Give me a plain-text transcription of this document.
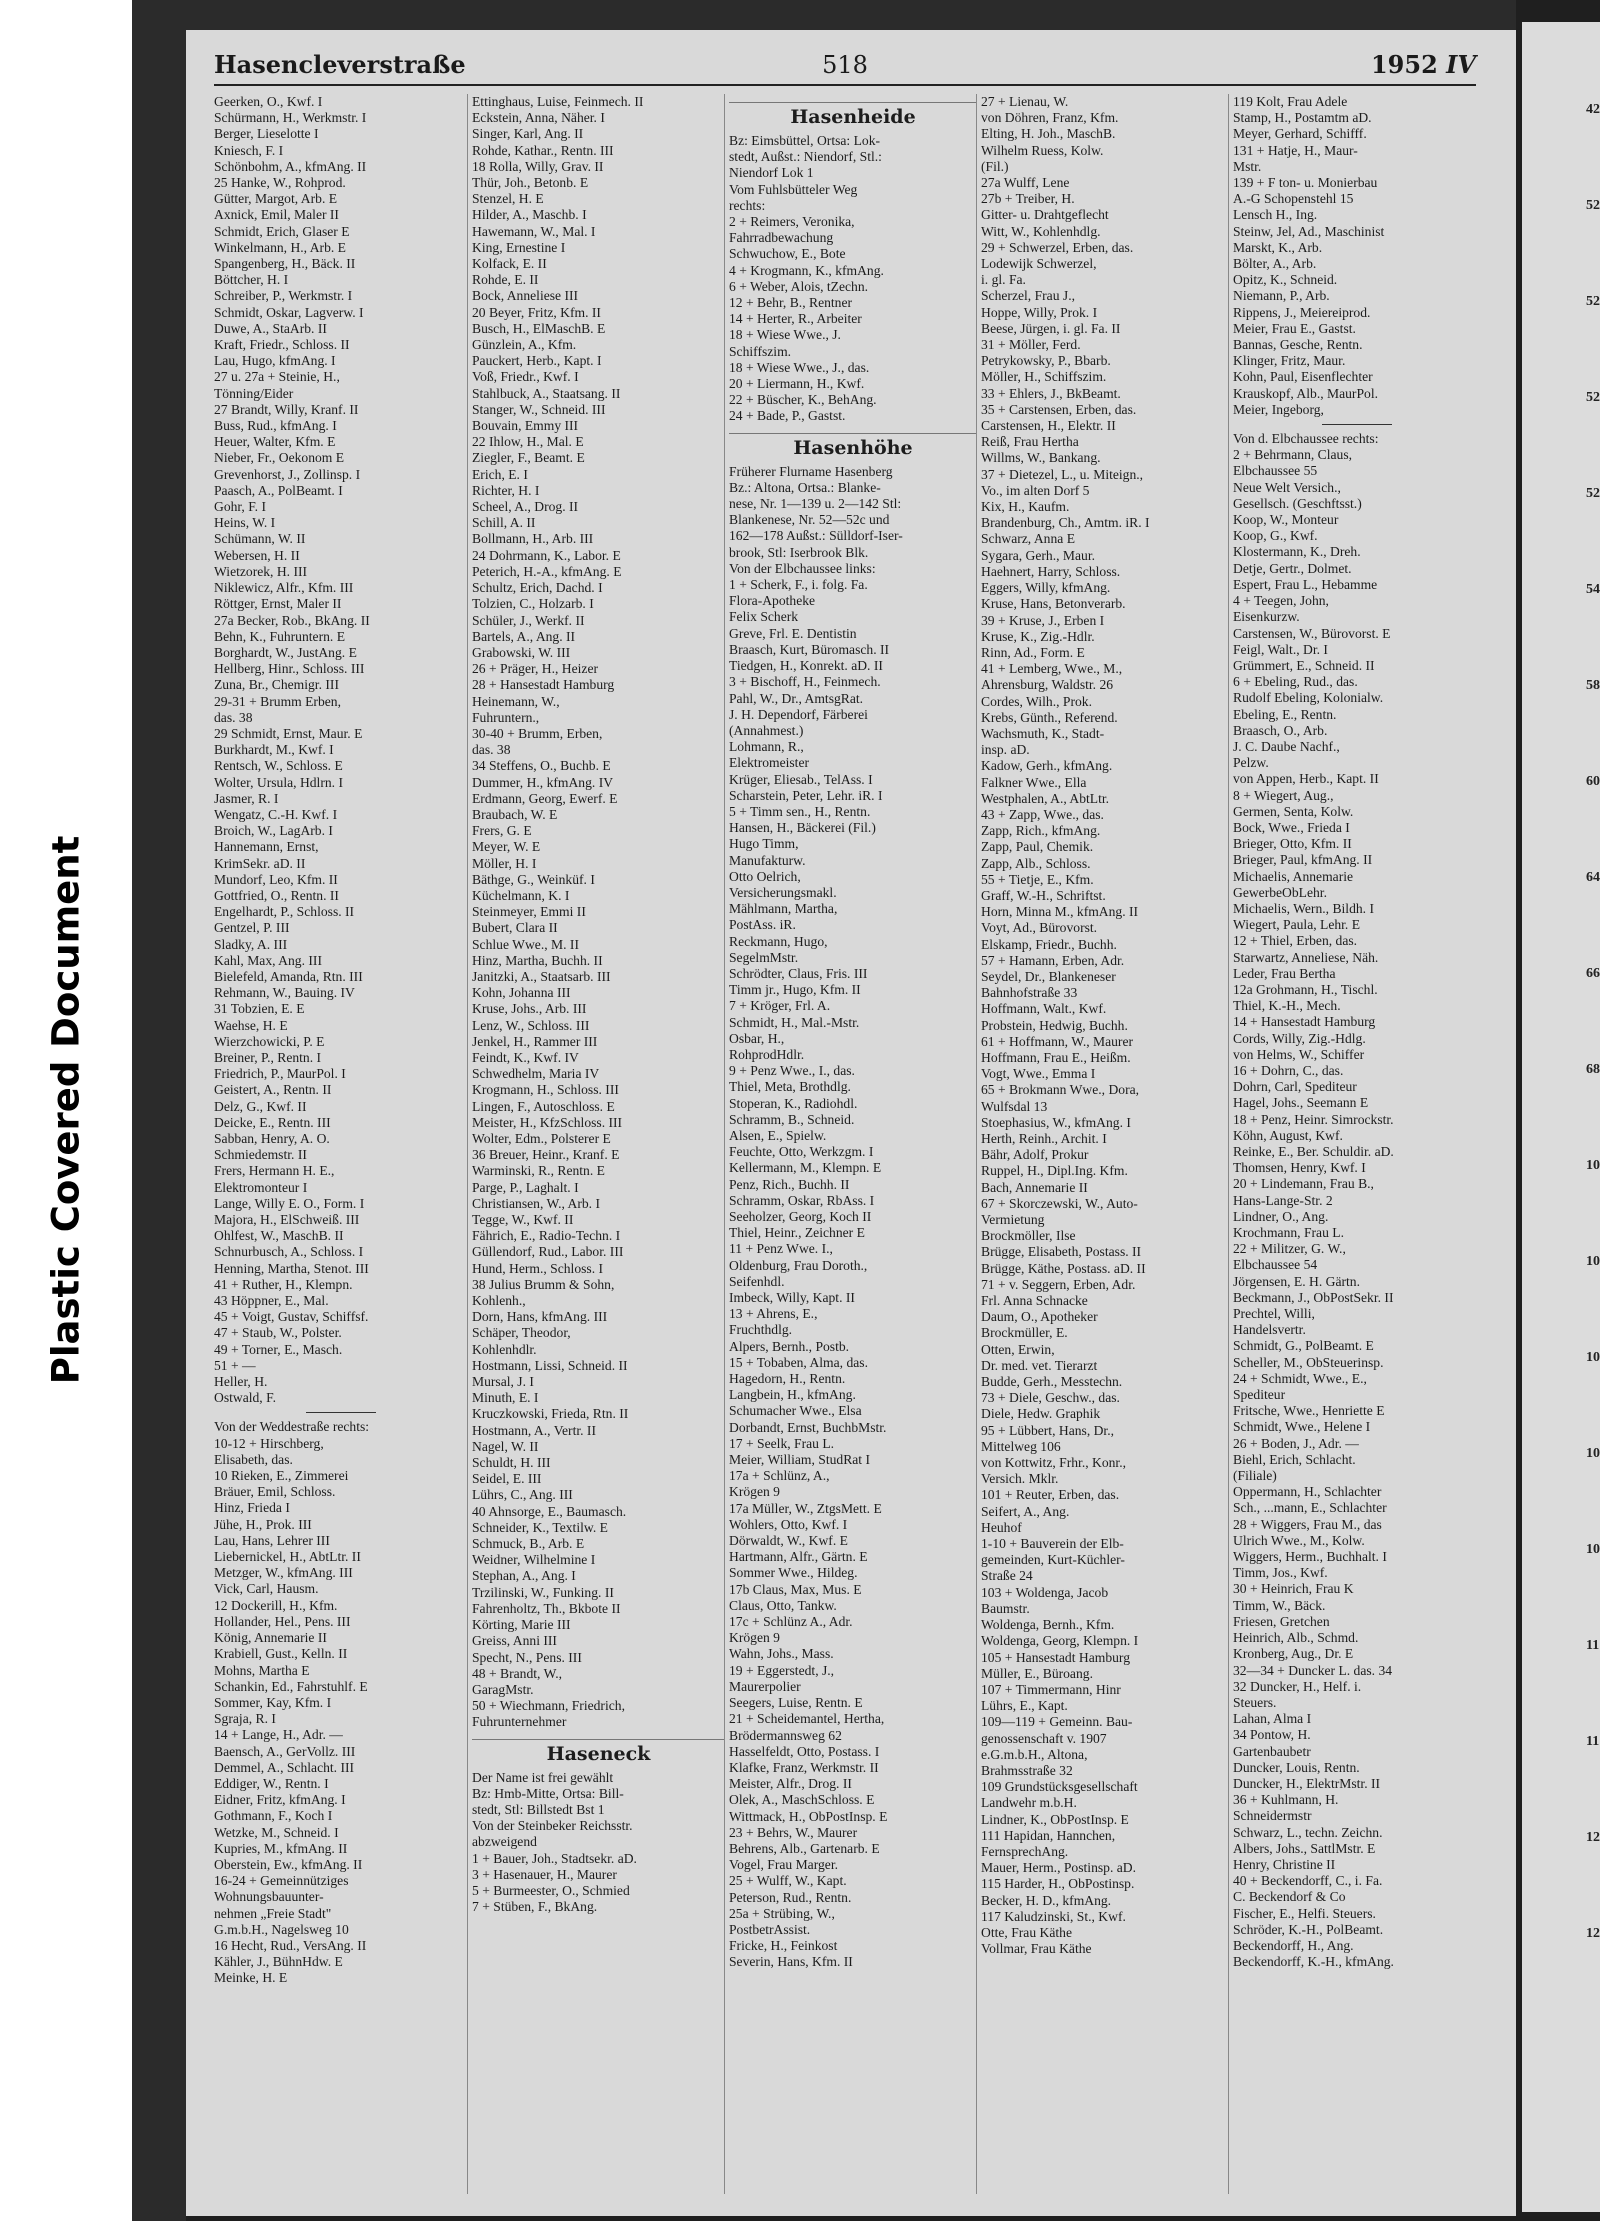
Plastic Covered Document
42
52
52
52
52
54
58
60
64
66
68
10
10
10
10
10
11
11
12
12
Hasencleverstraße	518	1952 IV
Geerken, O., Kwf. I
Schürmann, H., Werkmstr. I
Berger, Lieselotte I
Kniesch, F. I
Schönbohm, A., kfmAng. II
25 Hanke, W., Rohprod.
Gütter, Margot, Arb. E
Axnick, Emil, Maler II
Schmidt, Erich, Glaser E
Winkelmann, H., Arb. E
Spangenberg, H., Bäck. II
Böttcher, H. I
Schreiber, P., Werkmstr. I
Schmidt, Oskar, Lagverw. I
Duwe, A., StaArb. II
Kraft, Friedr., Schloss. II
Lau, Hugo, kfmAng. I
27 u. 27a + Steinie, H.,
Tönning/Eider
27 Brandt, Willy, Kranf. II
Buss, Rud., kfmAng. I
Heuer, Walter, Kfm. E
Nieber, Fr., Oekonom E
Grevenhorst, J., Zollinsp. I
Paasch, A., PolBeamt. I
Gohr, F. I
Heins, W. I
Schümann, W. II
Webersen, H. II
Wietzorek, H. III
Niklewicz, Alfr., Kfm. III
Röttger, Ernst, Maler II
27a Becker, Rob., BkAng. II
Behn, K., Fuhruntern. E
Borghardt, W., JustAng. E
Hellberg, Hinr., Schloss. III
Zuna, Br., Chemigr. III
29-31 + Brumm Erben,
das. 38
29 Schmidt, Ernst, Maur. E
Burkhardt, M., Kwf. I
Rentsch, W., Schloss. E
Wolter, Ursula, Hdlrn. I
Jasmer, R. I
Wengatz, C.-H. Kwf. I
Broich, W., LagArb. I
Hannemann, Ernst,
KrimSekr. aD. II
Mundorf, Leo, Kfm. II
Gottfried, O., Rentn. II
Engelhardt, P., Schloss. II
Gentzel, P. III
Sladky, A. III
Kahl, Max, Ang. III
Bielefeld, Amanda, Rtn. III
Rehmann, W., Bauing. IV
31 Tobzien, E. E
Waehse, H. E
Wierzchowicki, P. E
Breiner, P., Rentn. I
Friedrich, P., MaurPol. I
Geistert, A., Rentn. II
Delz, G., Kwf. II
Deicke, E., Rentn. III
Sabban, Henry, A. O.
Schmiedemstr. II
Frers, Hermann H. E.,
Elektromonteur I
Lange, Willy E. O., Form. I
Majora, H., ElSchweiß. III
Ohlfest, W., MaschB. II
Schnurbusch, A., Schloss. I
Henning, Martha, Stenot. III
41 + Ruther, H., Klempn.
43 Höppner, E., Mal.
45 + Voigt, Gustav, Schiffsf.
47 + Staub, W., Polster.
49 + Torner, E., Masch.
51 + —
Heller, H.
Ostwald, F.
Von der Weddestraße rechts:
10-12 + Hirschberg,
Elisabeth, das.
10 Rieken, E., Zimmerei
Bräuer, Emil, Schloss.
Hinz, Frieda I
Jühe, H., Prok. III
Lau, Hans, Lehrer III
Liebernickel, H., AbtLtr. II
Metzger, W., kfmAng. III
Vick, Carl, Hausm.
12 Dockerill, H., Kfm.
Hollander, Hel., Pens. III
König, Annemarie II
Krabiell, Gust., Kelln. II
Mohns, Martha E
Schankin, Ed., Fahrstuhlf. E
Sommer, Kay, Kfm. I
Sgraja, R. I
14 + Lange, H., Adr. —
Baensch, A., GerVollz. III
Demmel, A., Schlacht. III
Eddiger, W., Rentn. I
Eidner, Fritz, kfmAng. I
Gothmann, F., Koch I
Wetzke, M., Schneid. I
Kupries, M., kfmAng. II
Oberstein, Ew., kfmAng. II
16-24 + Gemeinnütziges
Wohnungsbauunter-
nehmen „Freie Stadt"
G.m.b.H., Nagelsweg 10
16 Hecht, Rud., VersAng. II
Kähler, J., BühnHdw. E
Meinke, H. E
Ettinghaus, Luise, Feinmech. II
Eckstein, Anna, Näher. I
Singer, Karl, Ang. II
Rohde, Kathar., Rentn. III
18 Rolla, Willy, Grav. II
Thür, Joh., Betonb. E
Stenzel, H. E
Hilder, A., Maschb. I
Hawemann, W., Mal. I
King, Ernestine I
Kolfack, E. II
Rohde, E. II
Bock, Anneliese III
20 Beyer, Fritz, Kfm. II
Busch, H., ElMaschB. E
Günzlein, A., Kfm.
Pauckert, Herb., Kapt. I
Voß, Friedr., Kwf. I
Stahlbuck, A., Staatsang. II
Stanger, W., Schneid. III
Bouvain, Emmy III
22 Ihlow, H., Mal. E
Ziegler, F., Beamt. E
Erich, E. I
Richter, H. I
Scheel, A., Drog. II
Schill, A. II
Bollmann, H., Arb. III
24 Dohrmann, K., Labor. E
Peterich, H.-A., kfmAng. E
Schultz, Erich, Dachd. I
Tolzien, C., Holzarb. I
Schüler, J., Werkf. II
Bartels, A., Ang. II
Grabowski, W. III
26 + Präger, H., Heizer
28 + Hansestadt Hamburg
Heinemann, W.,
Fuhruntern.,
30-40 + Brumm, Erben,
das. 38
34 Steffens, O., Buchb. E
Dummer, H., kfmAng. IV
Erdmann, Georg, Ewerf. E
Braubach, W. E
Frers, G. E
Meyer, W. E
Möller, H. I
Bäthge, G., Weinküf. I
Küchelmann, K. I
Steinmeyer, Emmi II
Bubert, Clara II
Schlue Wwe., M. II
Hinz, Martha, Buchh. II
Janitzki, A., Staatsarb. III
Kohn, Johanna III
Kruse, Johs., Arb. III
Lenz, W., Schloss. III
Jenkel, H., Rammer III
Feindt, K., Kwf. IV
Schwedhelm, Maria IV
Krogmann, H., Schloss. III
Lingen, F., Autoschloss. E
Meister, H., KfzSchloss. III
Wolter, Edm., Polsterer E
36 Breuer, Heinr., Kranf. E
Warminski, R., Rentn. E
Parge, P., Laghalt. I
Christiansen, W., Arb. I
Tegge, W., Kwf. II
Fährich, E., Radio-Techn. I
Güllendorf, Rud., Labor. III
Hund, Herm., Schloss. I
38 Julius Brumm & Sohn,
Kohlenh.,
Dorn, Hans, kfmAng. III
Schäper, Theodor,
Kohlenhdlr.
Hostmann, Lissi, Schneid. II
Mursal, J. I
Minuth, E. I
Kruczkowski, Frieda, Rtn. II
Hostmann, A., Vertr. II
Nagel, W. II
Schuldt, H. III
Seidel, E. III
Lührs, C., Ang. III
40 Ahnsorge, E., Baumasch.
Schneider, K., Textilw. E
Schmuck, B., Arb. E
Weidner, Wilhelmine I
Stephan, A., Ang. I
Trzilinski, W., Funking. II
Fahrenholtz, Th., Bkbote II
Körting, Marie III
Greiss, Anni III
Specht, N., Pens. III
48 + Brandt, W.,
GaragMstr.
50 + Wiechmann, Friedrich,
Fuhrunternehmer
Haseneck
Der Name ist frei gewählt
Bz: Hmb-Mitte, Ortsa: Bill-
stedt, Stl: Billstedt Bst 1
Von der Steinbeker Reichsstr.
abzweigend
1 + Bauer, Joh., Stadtsekr. aD.
3 + Hasenauer, H., Maurer
5 + Burmeester, O., Schmied
7 + Stüben, F., BkAng.
Hasenheide
Bz: Eimsbüttel, Ortsa: Lok-
stedt, Außst.: Niendorf, Stl.:
Niendorf Lok 1
Vom Fuhlsbütteler Weg
rechts:
2 + Reimers, Veronika,
Fahrradbewachung
Schwuchow, E., Bote
4 + Krogmann, K., kfmAng.
6 + Weber, Alois, tZechn.
12 + Behr, B., Rentner
14 + Herter, R., Arbeiter
18 + Wiese Wwe., J.
Schiffszim.
18 + Wiese Wwe., J., das.
20 + Liermann, H., Kwf.
22 + Büscher, K., BehAng.
24 + Bade, P., Gastst.
Hasenhöhe
Früherer Flurname Hasenberg
Bz.: Altona, Ortsa.: Blanke-
nese, Nr. 1—139 u. 2—142 Stl:
Blankenese, Nr. 52—52c und
162—178 Außst.: Sülldorf-Iser-
brook, Stl: Iserbrook Blk.
Von der Elbchaussee links:
1 + Scherk, F., i. folg. Fa.
Flora-Apotheke
Felix Scherk
Greve, Frl. E. Dentistin
Braasch, Kurt, Büromasch. II
Tiedgen, H., Konrekt. aD. II
3 + Bischoff, H., Feinmech.
Pahl, W., Dr., AmtsgRat.
J. H. Dependorf, Färberei
(Annahmest.)
Lohmann, R.,
Elektromeister
Krüger, Eliesab., TelAss. I
Scharstein, Peter, Lehr. iR. I
5 + Timm sen., H., Rentn.
Hansen, H., Bäckerei (Fil.)
Hugo Timm,
Manufakturw.
Otto Oelrich,
Versicherungsmakl.
Mählmann, Martha,
PostAss. iR.
Reckmann, Hugo,
SegelmMstr.
Schrödter, Claus, Fris. III
Timm jr., Hugo, Kfm. II
7 + Kröger, Frl. A.
Schmidt, H., Mal.-Mstr.
Osbar, H.,
RohprodHdlr.
9 + Penz Wwe., I., das.
Thiel, Meta, Brothdlg.
Stoperan, K., Radiohdl.
Schramm, B., Schneid.
Alsen, E., Spielw.
Feuchte, Otto, Werkzgm. I
Kellermann, M., Klempn. E
Penz, Rich., Buchh. II
Schramm, Oskar, RbAss. I
Seeholzer, Georg, Koch II
Thiel, Heinr., Zeichner E
11 + Penz Wwe. I.,
Oldenburg, Frau Doroth.,
Seifenhdl.
Imbeck, Willy, Kapt. II
13 + Ahrens, E.,
Fruchthdlg.
Alpers, Bernh., Postb.
15 + Tobaben, Alma, das.
Hagedorn, H., Rentn.
Langbein, H., kfmAng.
Schumacher Wwe., Elsa
Dorbandt, Ernst, BuchbMstr.
17 + Seelk, Frau L.
Meier, William, StudRat I
17a + Schlünz, A.,
Krögen 9
17a Müller, W., ZtgsMett. E
Wohlers, Otto, Kwf. I
Dörwaldt, W., Kwf. E
Hartmann, Alfr., Gärtn. E
Sommer Wwe., Hildeg.
17b Claus, Max, Mus. E
Claus, Otto, Tankw.
17c + Schlünz A., Adr.
Krögen 9
Wahn, Johs., Mass.
19 + Eggerstedt, J.,
Maurerpolier
Seegers, Luise, Rentn. E
21 + Scheidemantel, Hertha,
Brödermannsweg 62
Hasselfeldt, Otto, Postass. I
Klafke, Franz, Werkmstr. II
Meister, Alfr., Drog. II
Olek, A., MaschSchloss. E
Wittmack, H., ObPostInsp. E
23 + Behrs, W., Maurer
Behrens, Alb., Gartenarb. E
Vogel, Frau Marger.
25 + Wulff, W., Kapt.
Peterson, Rud., Rentn.
25a + Strübing, W.,
PostbetrAssist.
Fricke, H., Feinkost
Severin, Hans, Kfm. II
27 + Lienau, W.
von Döhren, Franz, Kfm.
Elting, H. Joh., MaschB.
Wilhelm Ruess, Kolw.
(Fil.)
27a Wulff, Lene
27b + Treiber, H.
Gitter- u. Drahtgeflecht
Witt, W., Kohlenhdlg.
29 + Schwerzel, Erben, das.
Lodewijk Schwerzel,
i. gl. Fa.
Scherzel, Frau J.,
Hoppe, Willy, Prok. I
Beese, Jürgen, i. gl. Fa. II
31 + Möller, Ferd.
Petrykowsky, P., Bbarb.
Möller, H., Schiffszim.
33 + Ehlers, J., BkBeamt.
35 + Carstensen, Erben, das.
Carstensen, H., Elektr. II
Reiß, Frau Hertha
Willms, W., Bankang.
37 + Dietezel, L., u. Miteign.,
Vo., im alten Dorf 5
Kix, H., Kaufm.
Brandenburg, Ch., Amtm. iR. I
Schwarz, Anna E
Sygara, Gerh., Maur.
Haehnert, Harry, Schloss.
Eggers, Willy, kfmAng.
Kruse, Hans, Betonverarb.
39 + Kruse, J., Erben I
Kruse, K., Zig.-Hdlr.
Rinn, Ad., Form. E
41 + Lemberg, Wwe., M.,
Ahrensburg, Waldstr. 26
Cordes, Wilh., Prok.
Krebs, Günth., Referend.
Wachsmuth, K., Stadt-
insp. aD.
Kadow, Gerh., kfmAng.
Falkner Wwe., Ella
Westphalen, A., AbtLtr.
43 + Zapp, Wwe., das.
Zapp, Rich., kfmAng.
Zapp, Paul, Chemik.
Zapp, Alb., Schloss.
55 + Tietje, E., Kfm.
Graff, W.-H., Schriftst.
Horn, Minna M., kfmAng. II
Voyt, Ad., Bürovorst.
Elskamp, Friedr., Buchh.
57 + Hamann, Erben, Adr.
Seydel, Dr., Blankeneser
Bahnhofstraße 33
Hoffmann, Walt., Kwf.
Probstein, Hedwig, Buchh.
61 + Hoffmann, W., Maurer
Hoffmann, Frau E., Heißm.
Vogt, Wwe., Emma I
65 + Brokmann Wwe., Dora,
Wulfsdal 13
Stoephasius, W., kfmAng. I
Herth, Reinh., Archit. I
Bähr, Adolf, Prokur
Ruppel, H., Dipl.Ing. Kfm.
Bach, Annemarie II
67 + Skorczewski, W., Auto-
Vermietung
Brockmöller, Ilse
Brügge, Elisabeth, Postass. II
Brügge, Käthe, Postass. aD. II
71 + v. Seggern, Erben, Adr.
Frl. Anna Schnacke
Daum, O., Apotheker
Brockmüller, E.
Otten, Erwin,
Dr. med. vet. Tierarzt
Budde, Gerh., Messtechn.
73 + Diele, Geschw., das.
Diele, Hedw. Graphik
95 + Lübbert, Hans, Dr.,
Mittelweg 106
von Kottwitz, Frhr., Konr.,
Versich. Mklr.
101 + Reuter, Erben, das.
Seifert, A., Ang.
Heuhof
1-10 + Bauverein der Elb-
gemeinden, Kurt-Küchler-
Straße 24
103 + Woldenga, Jacob
Baumstr.
Woldenga, Bernh., Kfm.
Woldenga, Georg, Klempn. I
105 + Hansestadt Hamburg
Müller, E., Büroang.
107 + Timmermann, Hinr
Lührs, E., Kapt.
109—119 + Gemeinn. Bau-
genossenschaft v. 1907
e.G.m.b.H., Altona,
Brahmsstraße 32
109 Grundstücksgesellschaft
Landwehr m.b.H.
Lindner, K., ObPostInsp. E
111 Hapidan, Hannchen,
FernsprechAng.
Mauer, Herm., Postinsp. aD.
115 Harder, H., ObPostinsp.
Becker, H. D., kfmAng.
117 Kaludzinski, St., Kwf.
Otte, Frau Käthe
Vollmar, Frau Käthe
119 Kolt, Frau Adele
Stamp, H., Postamtm aD.
Meyer, Gerhard, Schifff.
131 + Hatje, H., Maur-
Mstr.
139 + F ton- u. Monierbau
A.-G Schopenstehl 15
Lensch H., Ing.
Steinw, Jel, Ad., Maschinist
Marskt, K., Arb.
Bölter, A., Arb.
Opitz, K., Schneid.
Niemann, P., Arb.
Rippens, J., Meiereiprod.
Meier, Frau E., Gastst.
Bannas, Gesche, Rentn.
Klinger, Fritz, Maur.
Kohn, Paul, Eisenflechter
Krauskopf, Alb., MaurPol.
Meier, Ingeborg,
Von d. Elbchaussee rechts:
2 + Behrmann, Claus,
Elbchaussee 55
Neue Welt Versich.,
Gesellsch. (Geschftsst.)
Koop, W., Monteur
Koop, G., Kwf.
Klostermann, K., Dreh.
Detje, Gertr., Dolmet.
Espert, Frau L., Hebamme
4 + Teegen, John,
Eisenkurzw.
Carstensen, W., Bürovorst. E
Feigl, Walt., Dr. I
Grümmert, E., Schneid. II
6 + Ebeling, Rud., das.
Rudolf Ebeling, Kolonialw.
Ebeling, E., Rentn.
Braasch, O., Arb.
J. C. Daube Nachf.,
Pelzw.
von Appen, Herb., Kapt. II
8 + Wiegert, Aug.,
Germen, Senta, Kolw.
Bock, Wwe., Frieda I
Brieger, Otto, Kfm. II
Brieger, Paul, kfmAng. II
Michaelis, Annemarie
GewerbeObLehr.
Michaelis, Wern., Bildh. I
Wiegert, Paula, Lehr. E
12 + Thiel, Erben, das.
Starwartz, Anneliese, Näh.
Leder, Frau Bertha
12a Grohmann, H., Tischl.
Thiel, K.-H., Mech.
14 + Hansestadt Hamburg
Cords, Willy, Zig.-Hdlg.
von Helms, W., Schiffer
16 + Dohrn, C., das.
Dohrn, Carl, Spediteur
Hagel, Johs., Seemann E
18 + Penz, Heinr. Simrockstr.
Köhn, August, Kwf.
Reinke, E., Ber. Schuldir. aD.
Thomsen, Henry, Kwf. I
20 + Lindemann, Frau B.,
Hans-Lange-Str. 2
Lindner, O., Ang.
Krochmann, Frau L.
22 + Militzer, G. W.,
Elbchaussee 54
Jörgensen, E. H. Gärtn.
Beckmann, J., ObPostSekr. II
Prechtel, Willi,
Handelsvertr.
Schmidt, G., PolBeamt. E
Scheller, M., ObSteuerinsp.
24 + Schmidt, Wwe., E.,
Spediteur
Fritsche, Wwe., Henriette E
Schmidt, Wwe., Helene I
26 + Boden, J., Adr. —
Biehl, Erich, Schlacht.
(Filiale)
Oppermann, H., Schlachter
Sch., ...mann, E., Schlachter
28 + Wiggers, Frau M., das
Ulrich Wwe., M., Kolw.
Wiggers, Herm., Buchhalt. I
Timm, Jos., Kwf.
30 + Heinrich, Frau K
Timm, W., Bäck.
Friesen, Gretchen
Heinrich, Alb., Schmd.
Kronberg, Aug., Dr. E
32—34 + Duncker L. das. 34
32 Duncker, H., Helf. i.
Steuers.
Lahan, Alma I
34 Pontow, H.
Gartenbaubetr
Duncker, Louis, Rentn.
Duncker, H., ElektrMstr. II
36 + Kuhlmann, H.
Schneidermstr
Schwarz, L., techn. Zeichn.
Albers, Johs., SattlMstr. E
Henry, Christine II
40 + Beckendorff, C., i. Fa.
C. Beckendorf & Co
Fischer, E., Helfi. Steuers.
Schröder, K.-H., PolBeamt.
Beckendorff, H., Ang.
Beckendorff, K.-H., kfmAng.
